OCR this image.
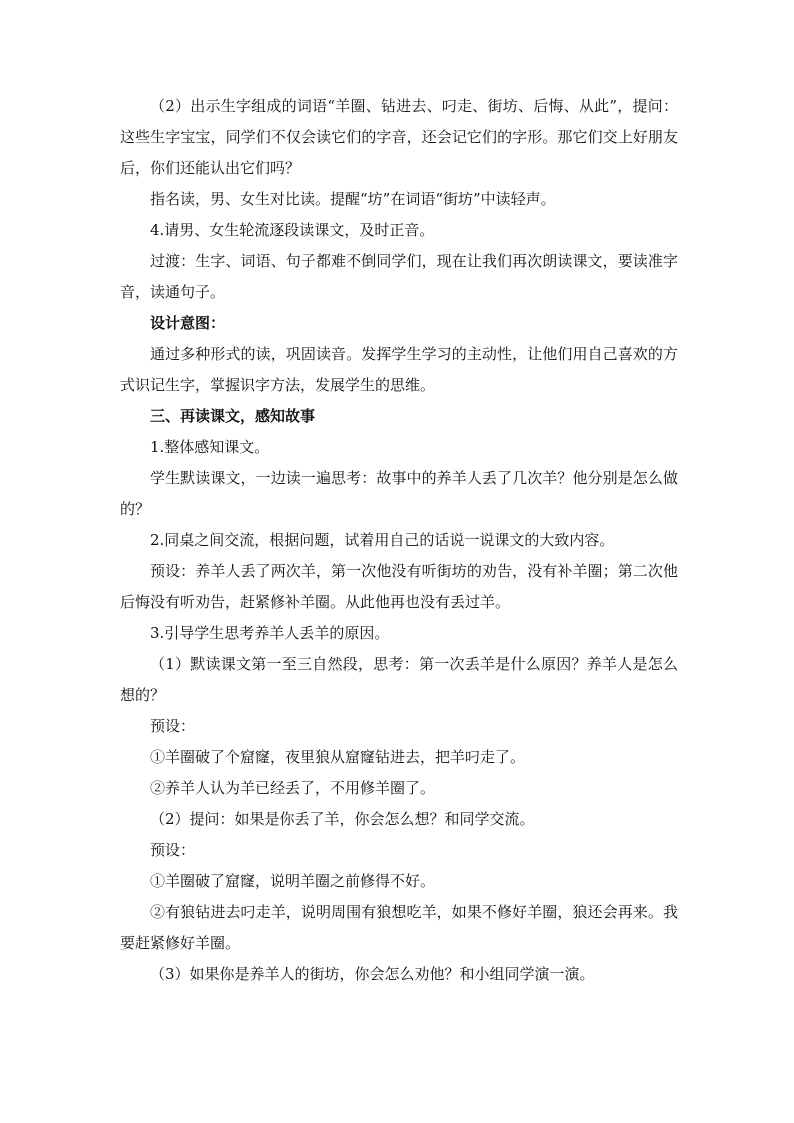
（2）出示生字组成的词语“羊圈、钻进去、叼走、街坊、后悔、从此”，提问：这些生字宝宝，同学们不仅会读它们的字音，还会记它们的字形。那它们交上好朋友后，你们还能认出它们吗？

指名读，男、女生对比读。提醒“坊”在词语“街坊”中读轻声。

4.请男、女生轮流逐段读课文，及时正音。

过渡：生字、词语、句子都难不倒同学们，现在让我们再次朗读课文，要读准字音，读通句子。

设计意图：

通过多种形式的读，巩固读音。发挥学生学习的主动性，让他们用自己喜欢的方式识记生字，掌握识字方法，发展学生的思维。

三、再读课文，感知故事

1.整体感知课文。

学生默读课文，一边读一遍思考：故事中的养羊人丢了几次羊？他分别是怎么做的？

2.同桌之间交流，根据问题，试着用自己的话说一说课文的大致内容。

预设：养羊人丢了两次羊，第一次他没有听街坊的劝告，没有补羊圈；第二次他后悔没有听劝告，赶紧修补羊圈。从此他再也没有丢过羊。

3.引导学生思考养羊人丢羊的原因。

（1）默读课文第一至三自然段，思考：第一次丢羊是什么原因？养羊人是怎么想的？

预设：

①羊圈破了个窟窿，夜里狼从窟窿钻进去，把羊叼走了。

②养羊人认为羊已经丢了，不用修羊圈了。

（2）提问：如果是你丢了羊，你会怎么想？和同学交流。

预设：

①羊圈破了窟窿，说明羊圈之前修得不好。

②有狼钻进去叼走羊，说明周围有狼想吃羊，如果不修好羊圈，狼还会再来。我要赶紧修好羊圈。

（3）如果你是养羊人的街坊，你会怎么劝他？和小组同学演一演。
